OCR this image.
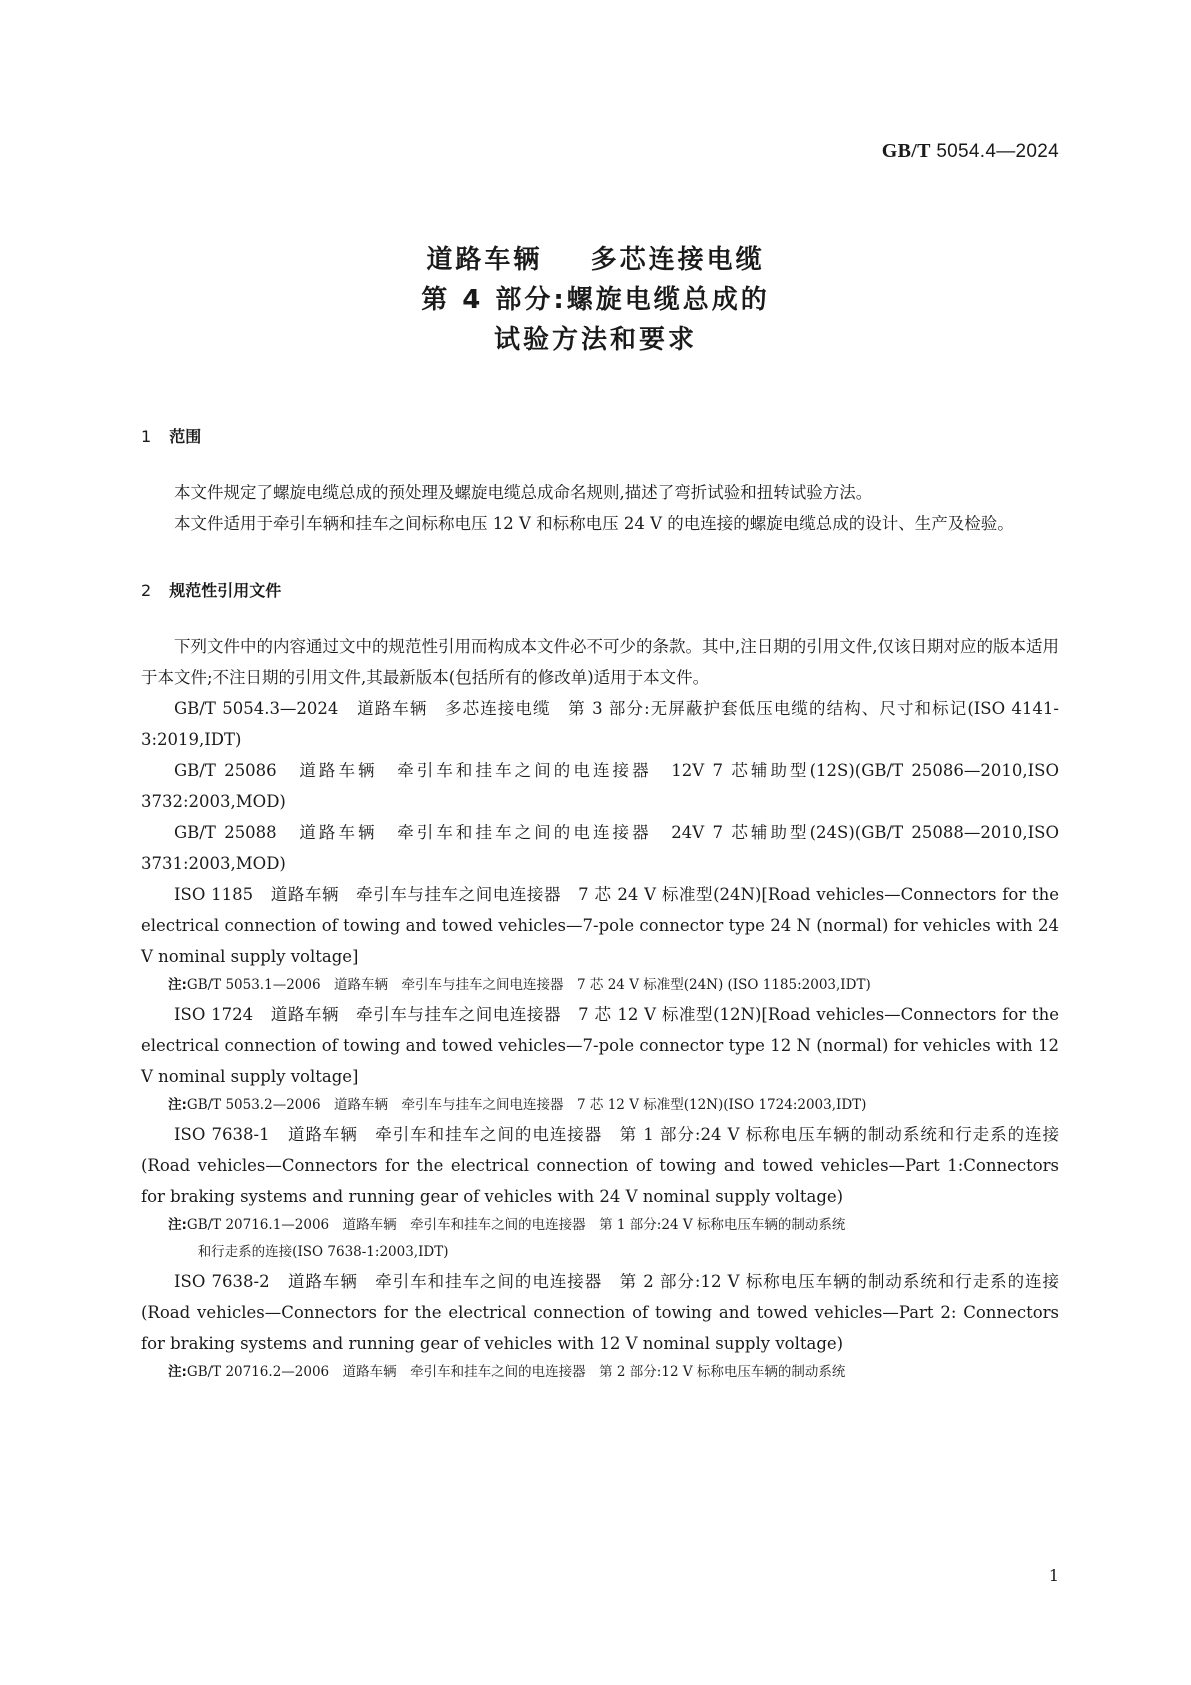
GB/T 5054.4—2024
道路车辆    多芯连接电缆
第 4 部分:螺旋电缆总成的
试验方法和要求
1 范围

本文件规定了螺旋电缆总成的预处理及螺旋电缆总成命名规则,描述了弯折试验和扭转试验方法。

本文件适用于牵引车辆和挂车之间标称电压 12 V 和标称电压 24 V 的电连接的螺旋电缆总成的设计、生产及检验。

2 规范性引用文件

下列文件中的内容通过文中的规范性引用而构成本文件必不可少的条款。其中,注日期的引用文件,仅该日期对应的版本适用于本文件;不注日期的引用文件,其最新版本(包括所有的修改单)适用于本文件。

GB/T 5054.3—2024　道路车辆　多芯连接电缆　第 3 部分:无屏蔽护套低压电缆的结构、尺寸和标记(ISO 4141-3:2019,IDT)

GB/T 25086　道路车辆　牵引车和挂车之间的电连接器　12V 7 芯辅助型(12S)(GB/T 25086—2010,ISO 3732:2003,MOD)

GB/T 25088　道路车辆　牵引车和挂车之间的电连接器　24V 7 芯辅助型(24S)(GB/T 25088—2010,ISO 3731:2003,MOD)

ISO 1185　道路车辆　牵引车与挂车之间电连接器　7 芯 24 V 标准型(24N)[Road vehicles—Connectors for the electrical connection of towing and towed vehicles—7-pole connector type 24 N (normal) for vehicles with 24 V nominal supply voltage]

注:GB/T 5053.1—2006　道路车辆　牵引车与挂车之间电连接器　7 芯 24 V 标准型(24N) (ISO 1185:2003,IDT)

ISO 1724　道路车辆　牵引车与挂车之间电连接器　7 芯 12 V 标准型(12N)[Road vehicles—Connectors for the electrical connection of towing and towed vehicles—7-pole connector type 12 N (normal) for vehicles with 12 V nominal supply voltage]

注:GB/T 5053.2—2006　道路车辆　牵引车与挂车之间电连接器　7 芯 12 V 标准型(12N)(ISO 1724:2003,IDT)

ISO 7638-1　道路车辆　牵引车和挂车之间的电连接器　第 1 部分:24 V 标称电压车辆的制动系统和行走系的连接(Road vehicles—Connectors for the electrical connection of towing and towed vehicles—Part 1:Connectors for braking systems and running gear of vehicles with 24 V nominal supply voltage)

注:GB/T 20716.1—2006　道路车辆　牵引车和挂车之间的电连接器　第 1 部分:24 V 标称电压车辆的制动系统
和行走系的连接(ISO 7638-1:2003,IDT)

ISO 7638-2　道路车辆　牵引车和挂车之间的电连接器　第 2 部分:12 V 标称电压车辆的制动系统和行走系的连接(Road vehicles—Connectors for the electrical connection of towing and towed vehicles—Part 2: Connectors for braking systems and running gear of vehicles with 12 V nominal supply voltage)

注:GB/T 20716.2—2006　道路车辆　牵引车和挂车之间的电连接器　第 2 部分:12 V 标称电压车辆的制动系统

1
